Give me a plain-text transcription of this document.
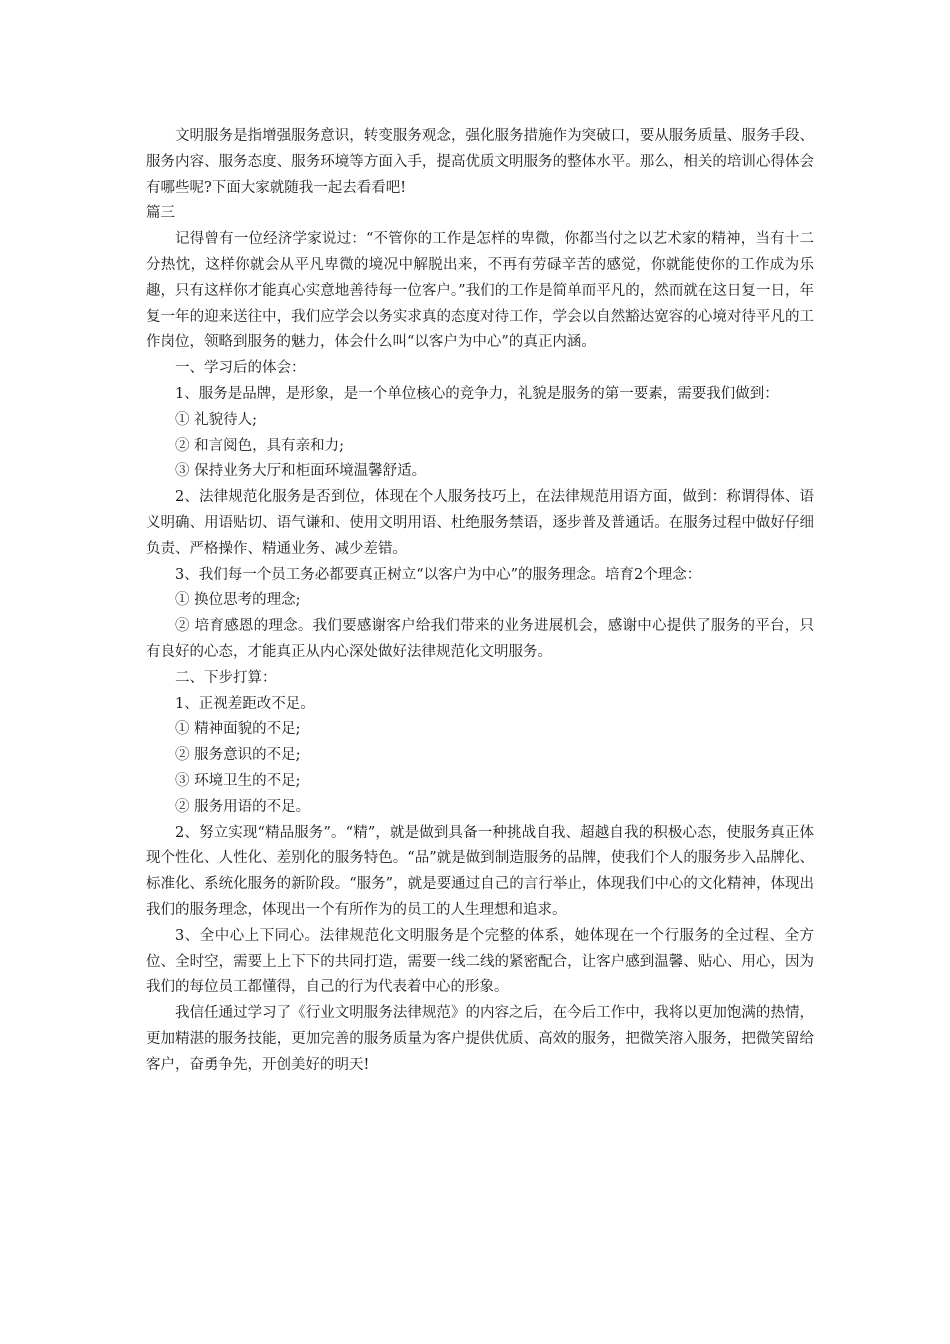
文明服务是指增强服务意识，转变服务观念，强化服务措施作为突破口，要从服务质量、服务手段、服务内容、服务态度、服务环境等方面入手，提高优质文明服务的整体水平。那么，相关的培训心得体会有哪些呢?下面大家就随我一起去看看吧!

篇三

记得曾有一位经济学家说过：“不管你的工作是怎样的卑微，你都当付之以艺术家的精神，当有十二分热忱，这样你就会从平凡卑微的境况中解脱出来，不再有劳碌辛苦的感觉，你就能使你的工作成为乐趣，只有这样你才能真心实意地善待每一位客户。”我们的工作是简单而平凡的，然而就在这日复一日，年复一年的迎来送往中，我们应学会以务实求真的态度对待工作，学会以自然豁达宽容的心境对待平凡的工作岗位，领略到服务的魅力，体会什么叫“以客户为中心”的真正内涵。

一、学习后的体会：

1、服务是品牌，是形象，是一个单位核心的竞争力，礼貌是服务的第一要素，需要我们做到：

① 礼貌待人;

② 和言阅色，具有亲和力;

③ 保持业务大厅和柜面环境温馨舒适。

2、法律规范化服务是否到位，体现在个人服务技巧上，在法律规范用语方面，做到：称谓得体、语义明确、用语贴切、语气谦和、使用文明用语、杜绝服务禁语，逐步普及普通话。在服务过程中做好仔细负责、严格操作、精通业务、减少差错。

3、我们每一个员工务必都要真正树立“以客户为中心”的服务理念。培育2个理念：

① 换位思考的理念;

② 培育感恩的理念。我们要感谢客户给我们带来的业务进展机会，感谢中心提供了服务的平台，只有良好的心态，才能真正从内心深处做好法律规范化文明服务。

二、下步打算：

1、正视差距改不足。

① 精神面貌的不足;

② 服务意识的不足;

③ 环境卫生的不足;

② 服务用语的不足。

2、努立实现“精品服务”。“精”，就是做到具备一种挑战自我、超越自我的积极心态，使服务真正体现个性化、人性化、差别化的服务特色。“品”就是做到制造服务的品牌，使我们个人的服务步入品牌化、标准化、系统化服务的新阶段。“服务”，就是要通过自己的言行举止，体现我们中心的文化精神，体现出我们的服务理念，体现出一个有所作为的员工的人生理想和追求。

3、全中心上下同心。法律规范化文明服务是个完整的体系，她体现在一个行服务的全过程、全方位、全时空，需要上上下下的共同打造，需要一线二线的紧密配合，让客户感到温馨、贴心、用心，因为我们的每位员工都懂得，自己的行为代表着中心的形象。

我信任通过学习了《行业文明服务法律规范》的内容之后，在今后工作中，我将以更加饱满的热情，更加精湛的服务技能，更加完善的服务质量为客户提供优质、高效的服务，把微笑溶入服务，把微笑留给客户，奋勇争先，开创美好的明天!
